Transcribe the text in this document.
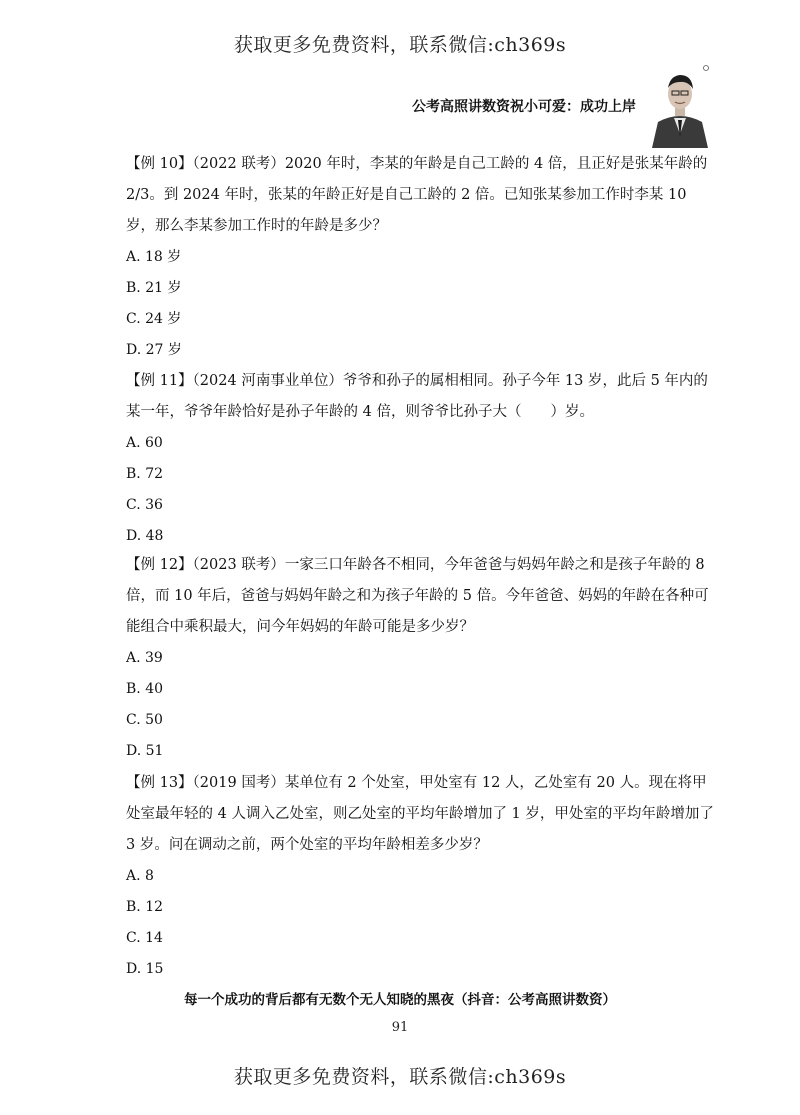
获取更多免费资料，联系微信:ch369s
公考高照讲数资祝小可爱：成功上岸

【例 10】（2022 联考）2020 年时，李某的年龄是自己工龄的 4 倍，且正好是张某年龄的 2/3。到 2024 年时，张某的年龄正好是自己工龄的 2 倍。已知张某参加工作时李某 10 岁，那么李某参加工作时的年龄是多少？

A. 18 岁

B. 21 岁

C. 24 岁

D. 27 岁

【例 11】（2024 河南事业单位）爷爷和孙子的属相相同。孙子今年 13 岁，此后 5 年内的某一年，爷爷年龄恰好是孙子年龄的 4 倍，则爷爷比孙子大（　　）岁。

A. 60

B. 72

C. 36

D. 48

【例 12】（2023 联考）一家三口年龄各不相同，今年爸爸与妈妈年龄之和是孩子年龄的 8 倍，而 10 年后，爸爸与妈妈年龄之和为孩子年龄的 5 倍。今年爸爸、妈妈的年龄在各种可能组合中乘积最大，问今年妈妈的年龄可能是多少岁？

A. 39

B. 40

C. 50

D. 51

【例 13】（2019 国考）某单位有 2 个处室，甲处室有 12 人，乙处室有 20 人。现在将甲处室最年轻的 4 人调入乙处室，则乙处室的平均年龄增加了 1 岁，甲处室的平均年龄增加了 3 岁。问在调动之前，两个处室的平均年龄相差多少岁？

A. 8

B. 12

C. 14

D. 15

每一个成功的背后都有无数个无人知晓的黑夜（抖音：公考高照讲数资）
91
获取更多免费资料，联系微信:ch369s
